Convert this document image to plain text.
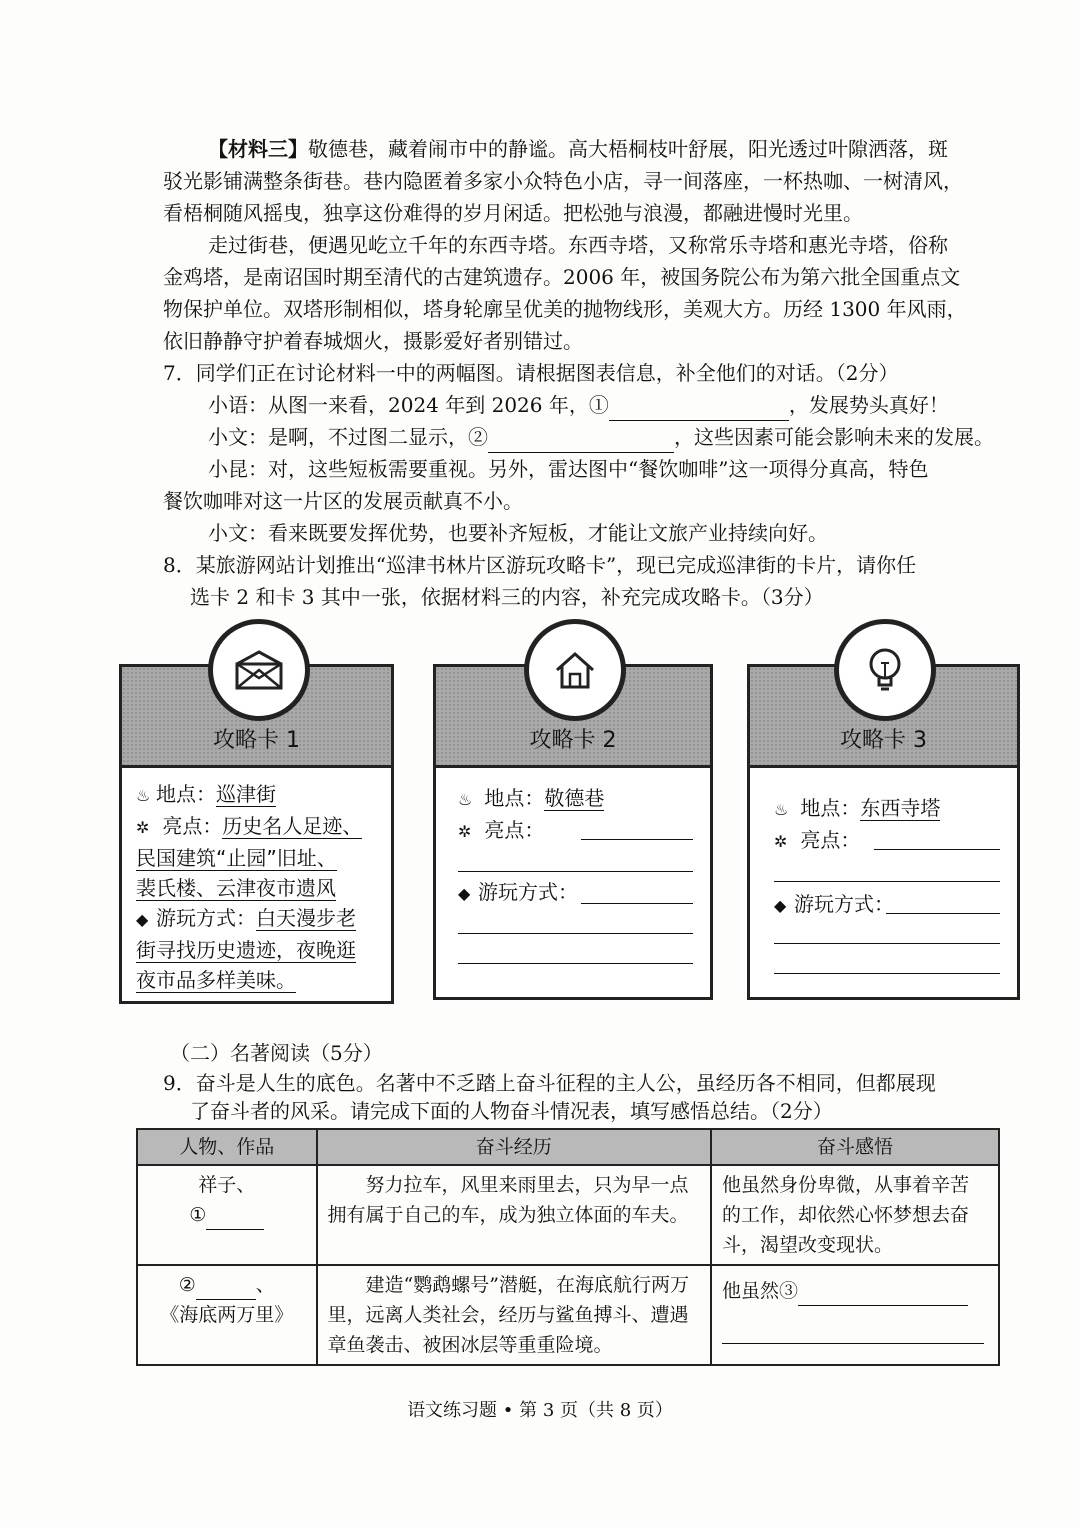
【材料三】敬德巷，藏着闹市中的静谧。高大梧桐枝叶舒展，阳光透过叶隙洒落，斑
驳光影铺满整条街巷。巷内隐匿着多家小众特色小店，寻一间落座，一杯热咖、一树清风，
看梧桐随风摇曳，独享这份难得的岁月闲适。把松弛与浪漫，都融进慢时光里。
走过街巷，便遇见屹立千年的东西寺塔。东西寺塔，又称常乐寺塔和惠光寺塔，俗称
金鸡塔，是南诏国时期至清代的古建筑遗存。2006 年，被国务院公布为第六批全国重点文
物保护单位。双塔形制相似，塔身轮廓呈优美的抛物线形，美观大方。历经 1300 年风雨，
依旧静静守护着春城烟火，摄影爱好者别错过。
7．同学们正在讨论材料一中的两幅图。请根据图表信息，补全他们的对话。（2分）
小语：从图一来看，2024 年到 2026 年，①	，发展势头真好！
小文：是啊，不过图二显示，②	，这些因素可能会影响未来的发展。
小昆：对，这些短板需要重视。另外，雷达图中“餐饮咖啡”这一项得分真高，特色
餐饮咖啡对这一片区的发展贡献真不小。
小文：看来既要发挥优势，也要补齐短板，才能让文旅产业持续向好。
8．某旅游网站计划推出“巡津书林片区游玩攻略卡”，现已完成巡津街的卡片，请你任
选卡 2 和卡 3 其中一张，依据材料三的内容，补充完成攻略卡。（3分）
攻略卡 1
♨ 地点：巡津街
✲ 亮点：历史名人足迹、
民国建筑“止园”旧址、
裴氏楼、云津夜市遗风
◆ 游玩方式：白天漫步老
街寻找历史遗迹，夜晚逛
夜市品多样美味。
攻略卡 2
♨ 地点：敬德巷
✲ 亮点：
◆ 游玩方式：
攻略卡 3
♨ 地点：东西寺塔
✲ 亮点：
◆ 游玩方式：
（二）名著阅读（5分）
9．奋斗是人生的底色。名著中不乏踏上奋斗征程的主人公，虽经历各不相同，但都展现
了奋斗者的风采。请完成下面的人物奋斗情况表，填写感悟总结。（2分）
人物、作品	奋斗经历	奋斗感悟

祥子、
①	努力拉车，风里来雨里去，只为早一点拥有属于自己的车，成为独立体面的车夫。	他虽然身份卑微，从事着辛苦的工作，却依然心怀梦想去奋斗，渴望改变现状。

② 、
《海底两万里》	建造“鹦鹉螺号”潜艇，在海底航行两万里，远离人类社会，经历与鲨鱼搏斗、遭遇章鱼袭击、被困冰层等重重险境。	他虽然③
语文练习题 • 第 3 页（共 8 页）
